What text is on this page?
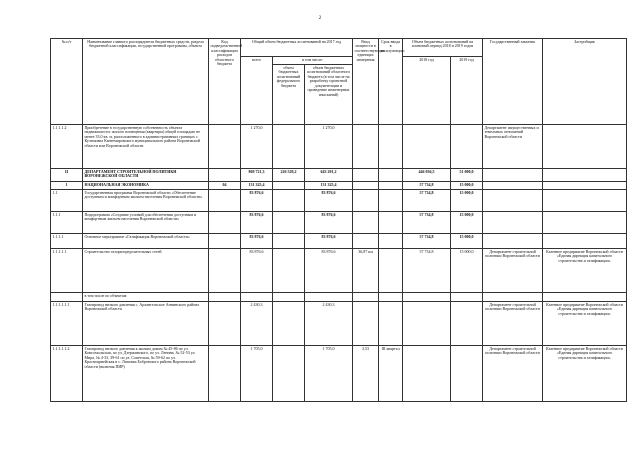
2
№ п/т	Наименование главного распорядителя бюджетных средств, раздела бюджетной классификации, государственной программы, объекта	Код подведомственной классификации расходов областного бюджета	Общий объем бюджетных ассигнований на 2017 год			Ввод мощности в соответствующих единицах измерения	Срок ввода в эксплуатацию	Объем бюджетных ассигнований на плановый период 2018 и 2019 годов		Государственный заказчик	Застройщик
			всего	в том числе:				2018 год	2019 год		
				объем бюджетных ассигнований федерального бюджета	объем бюджетных ассигнований областного бюджета (в том числе на разработку проектной документации и проведение инженерных изысканий)						
1.1.1.1.2	Приобретение в государственную собственность объекта недвижимости: жилого помещения (квартиры) общей площадью не менее 33,0 кв. м, расположенного в административных границах с. Кулешовка Кантемировского муниципального района Воронежской области или Воронежской области		1 270,0		1 270,0					Департамент имущественных и земельных отношений Воронежской области	
II	ДЕПАРТАМЕНТ СТРОИТЕЛЬНОЙ ПОЛИТИКИ ВОРОНЕЖСКОЙ ОБЛАСТИ		869 721,3	226 520,2	643 201,2			446 036,5	51 000,0		
1	НАЦИОНАЛЬНАЯ ЭКОНОМИКА	04	131 325,4		131 325,4			57 734,8	15 000,0		
1.1	Государственная программа Воронежской области «Обеспечение доступным и комфортным жильем населения Воронежской области»		83 876,6		83 876,6			57 734,8	15 000,0		
1.1.1	Подпрограмма «Создание условий для обеспечения доступным и комфортным жильем населения Воронежской области»		83 876,6		83 876,6			57 734,8	15 000,0		
1.1.1.1	Основное мероприятие «Газификация Воронежской области»		83 876,6		83 876,6			57 734,8	15 000,0		
1.1.1.1.1	Строительство газораспределительных сетей		83 876,6		83 876,6	36,87 км		57 734,8	15 000,0	Департамент строительной политики Воронежской области	Казенное предприятие Воронежской области «Единая дирекция капитального строительства и газификации»
	в том числе по объектам:										
1.1.1.1.1.1	Газопровод низкого давления с. Архангельское Аннинского района Воронежской области		2 430,3		2 430,3					Департамент строительной политики Воронежской области	Казенное предприятие Воронежской области «Единая дирекция капитального строительства и газификации»
1.1.1.1.1.2	Газопровод низкого давления к жилым домам № 45-86 по ул. Комсомольская, по ул. Дзержинского, по ул. Ленина, № 52-53 ул. Мира, № 4-33, 39-61 по ул. Советская, № 59-62 по ул. Красноармейская в с. Липовка Бобровского района Воронежской области (включая ПИР)		1 705,0		1 705,0	3,53	III квартал			Департамент строительной политики Воронежской области	Казенное предприятие Воронежской области «Единая дирекция капитального строительства и газификации»
